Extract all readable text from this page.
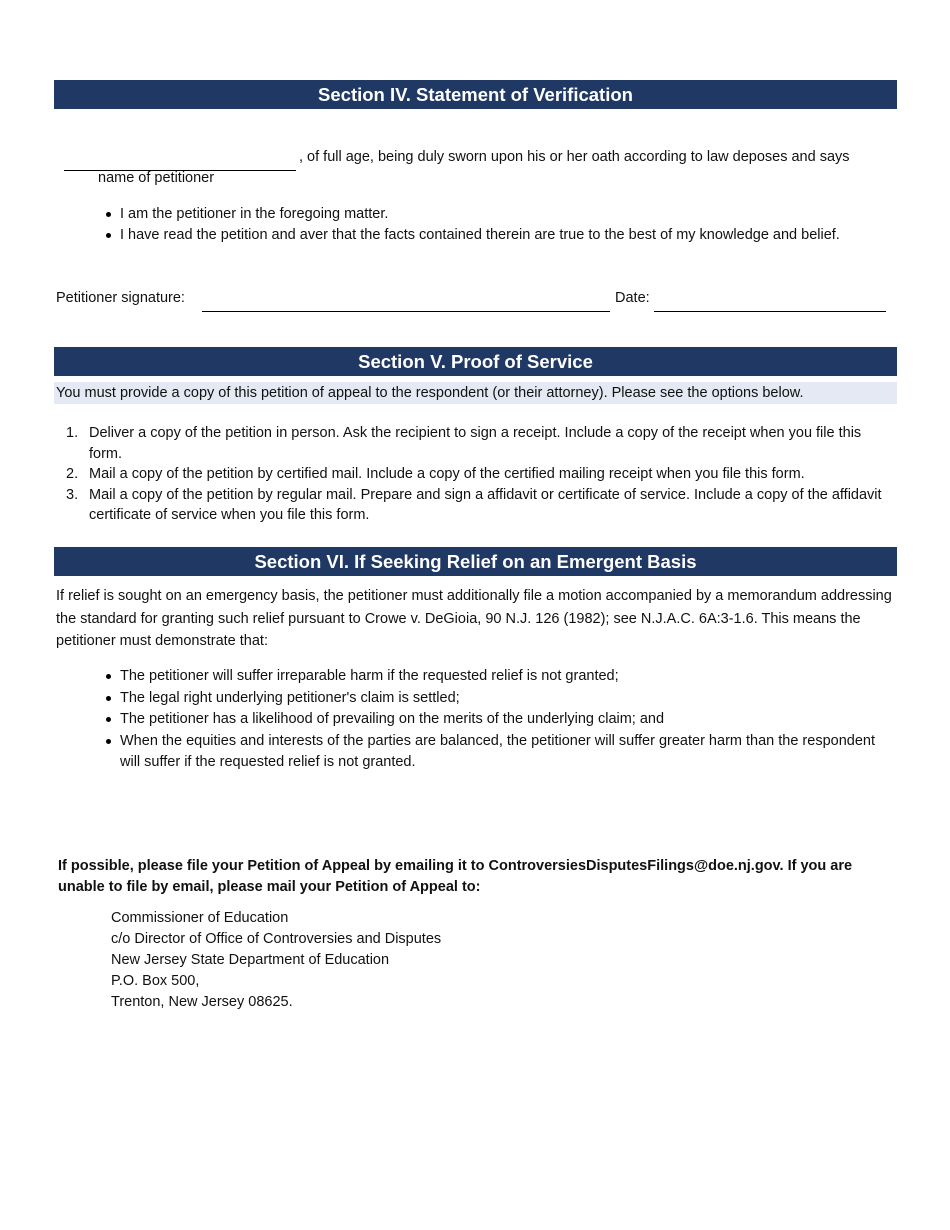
Section IV. Statement of Verification
, of full age, being duly sworn upon his or her oath according to law deposes and says
name of petitioner
I am the petitioner in the foregoing matter.
I have read the petition and aver that the facts contained therein are true to the best of my knowledge and belief.
Petitioner signature:	Date:
Section V. Proof of Service
You must provide a copy of this petition of appeal to the respondent (or their attorney). Please see the options below.
1. Deliver a copy of the petition in person. Ask the recipient to sign a receipt. Include a copy of the receipt when you file this form.
2. Mail a copy of the petition by certified mail. Include a copy of the certified mailing receipt when you file this form.
3. Mail a copy of the petition by regular mail. Prepare and sign a affidavit or certificate of service. Include a copy of the affidavit certificate of service when you file this form.
Section VI. If Seeking Relief on an Emergent Basis
If relief is sought on an emergency basis, the petitioner must additionally file a motion accompanied by a memorandum addressing the standard for granting such relief pursuant to Crowe v. DeGioia, 90 N.J. 126 (1982); see N.J.A.C. 6A:3-1.6. This means the petitioner must demonstrate that:
The petitioner will suffer irreparable harm if the requested relief is not granted;
The legal right underlying petitioner's claim is settled;
The petitioner has a likelihood of prevailing on the merits of the underlying claim; and
When the equities and interests of the parties are balanced, the petitioner will suffer greater harm than the respondent will suffer if the requested relief is not granted.
If possible, please file your Petition of Appeal by emailing it to ControversiesDisputesFilings@doe.nj.gov. If you are unable to file by email, please mail your Petition of Appeal to:
Commissioner of Education
c/o Director of Office of Controversies and Disputes
New Jersey State Department of Education
P.O. Box 500,
Trenton, New Jersey 08625.
